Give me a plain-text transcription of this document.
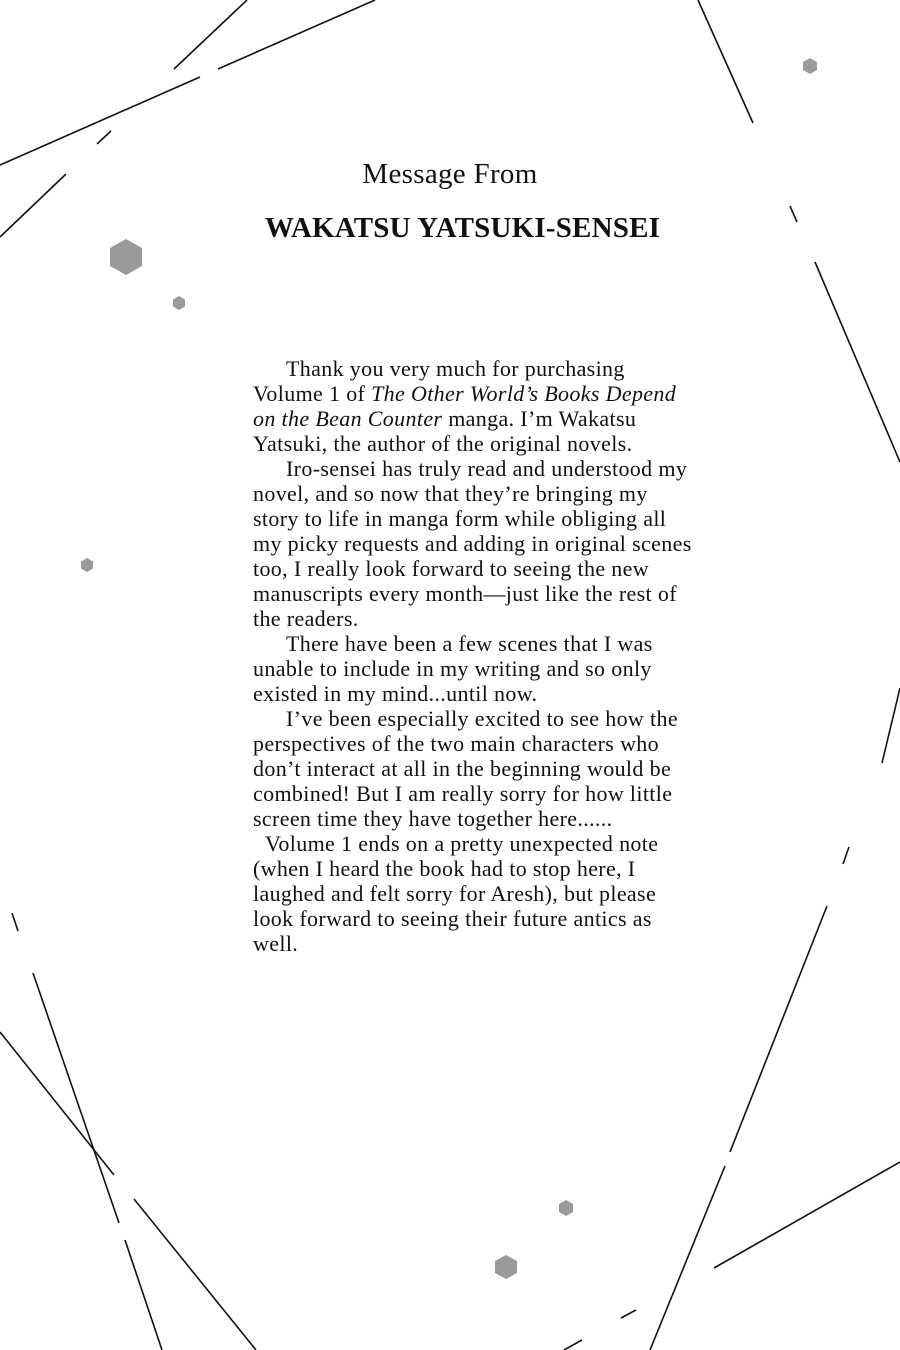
Message From
WAKATSU YATSUKI-SENSEI

Thank you very much for purchasing Volume 1 of The Other World’s Books Depend on the Bean Counter manga. I’m Wakatsu Yatsuki, the author of the original novels.

Iro-sensei has truly read and understood my novel, and so now that they’re bringing my story to life in manga form while obliging all my picky requests and adding in original scenes too, I really look forward to seeing the new manuscripts every month—just like the rest of the readers.

There have been a few scenes that I was unable to include in my writing and so only existed in my mind...until now.

I’ve been especially excited to see how the perspectives of the two main characters who don’t interact at all in the beginning would be combined! But I am really sorry for how little screen time they have together here......

Volume 1 ends on a pretty unexpected note (when I heard the book had to stop here, I laughed and felt sorry for Aresh), but please look forward to seeing their future antics as well.
